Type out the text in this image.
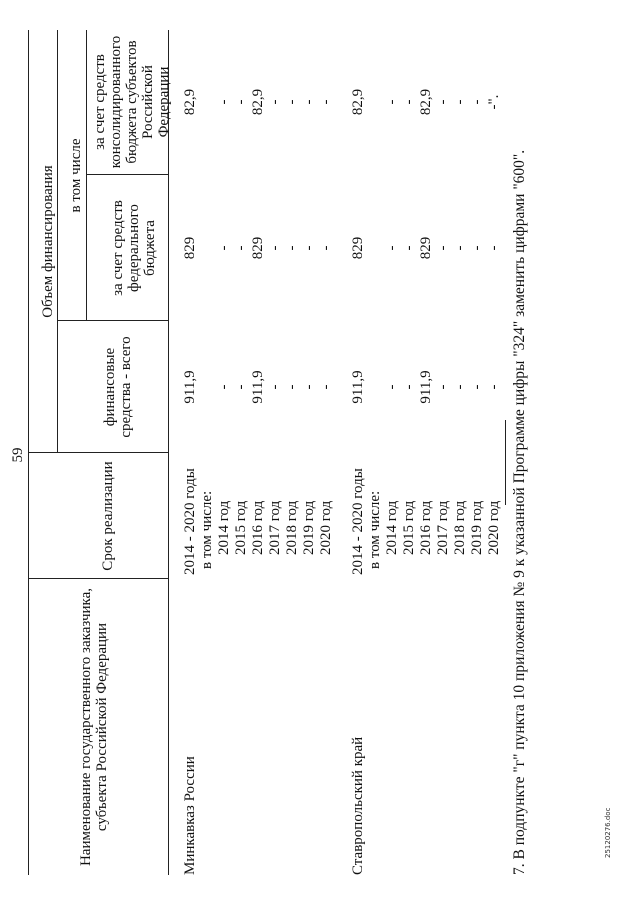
59
Наименование государственного заказчика, субъекта Российской Федерации
Срок реализации
Объем финансирования
финансовые средства - всего
в том числе
за счет средств федерального бюджета
за счет средств консолидированного бюджета субъектов Российской Федерации
Минкавказ России
2014 - 2020 годы в том числе: 2014 год 2015 год 2016 год 2017 год 2018 год 2019 год 2020 год
911,9 - - 911,9 - - - -
829 - - 829 - - - -
82,9 - - 82,9 - - - -
Ставропольский край
2014 - 2020 годы в том числе: 2014 год 2015 год 2016 год 2017 год 2018 год 2019 год 2020 год
911,9 - - 911,9 - - - -
829 - - 829 - - - -
82,9 - - 82,9 - - - -".
7. В подпункте "г" пункта 10 приложения № 9 к указанной Программе цифры "324" заменить цифрами "600".	25120276.doc
